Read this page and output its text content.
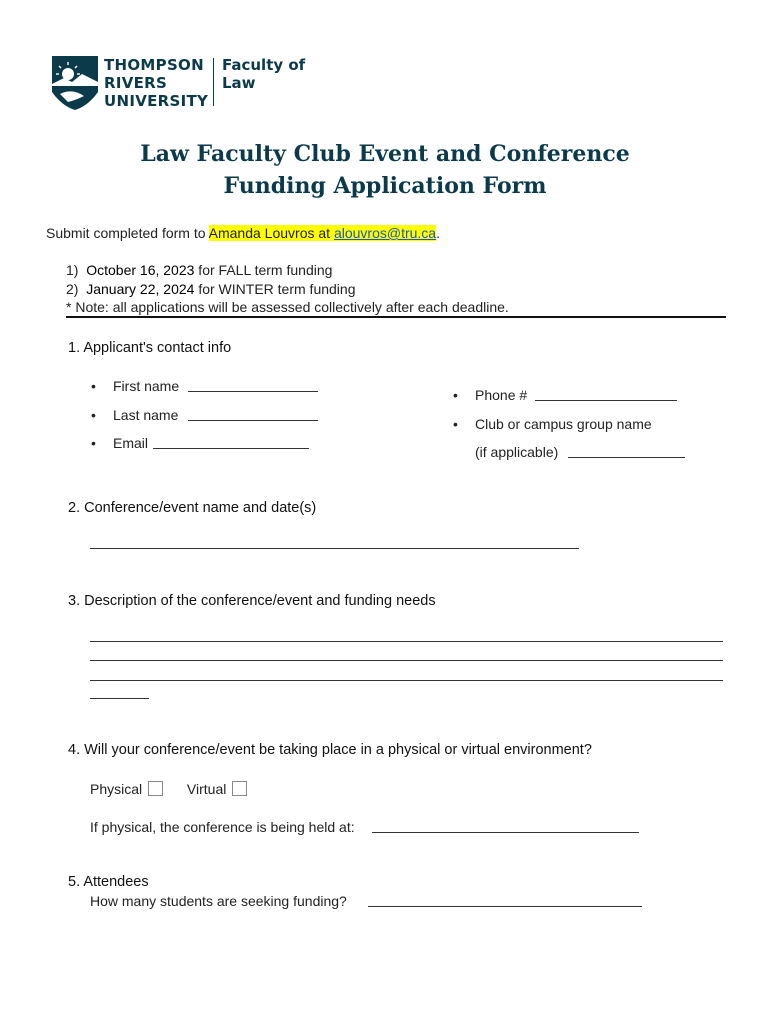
THOMPSON
RIVERS
UNIVERSITY
Faculty of
Law
Law Faculty Club Event and Conference
Funding Application Form
Submit completed form to Amanda Louvros at alouvros@tru.ca.
1) October 16, 2023 for FALL term funding
2) January 22, 2024 for WINTER term funding
* Note: all applications will be assessed collectively after each deadline.
1. Applicant's contact info
• First name
• Last name
• Email
• Phone #
• Club or campus group name
(if applicable)
2. Conference/event name and date(s)
3. Description of the conference/event and funding needs
4. Will your conference/event be taking place in a physical or virtual environment?
Physical	Virtual
If physical, the conference is being held at:
5. Attendees
How many students are seeking funding?
